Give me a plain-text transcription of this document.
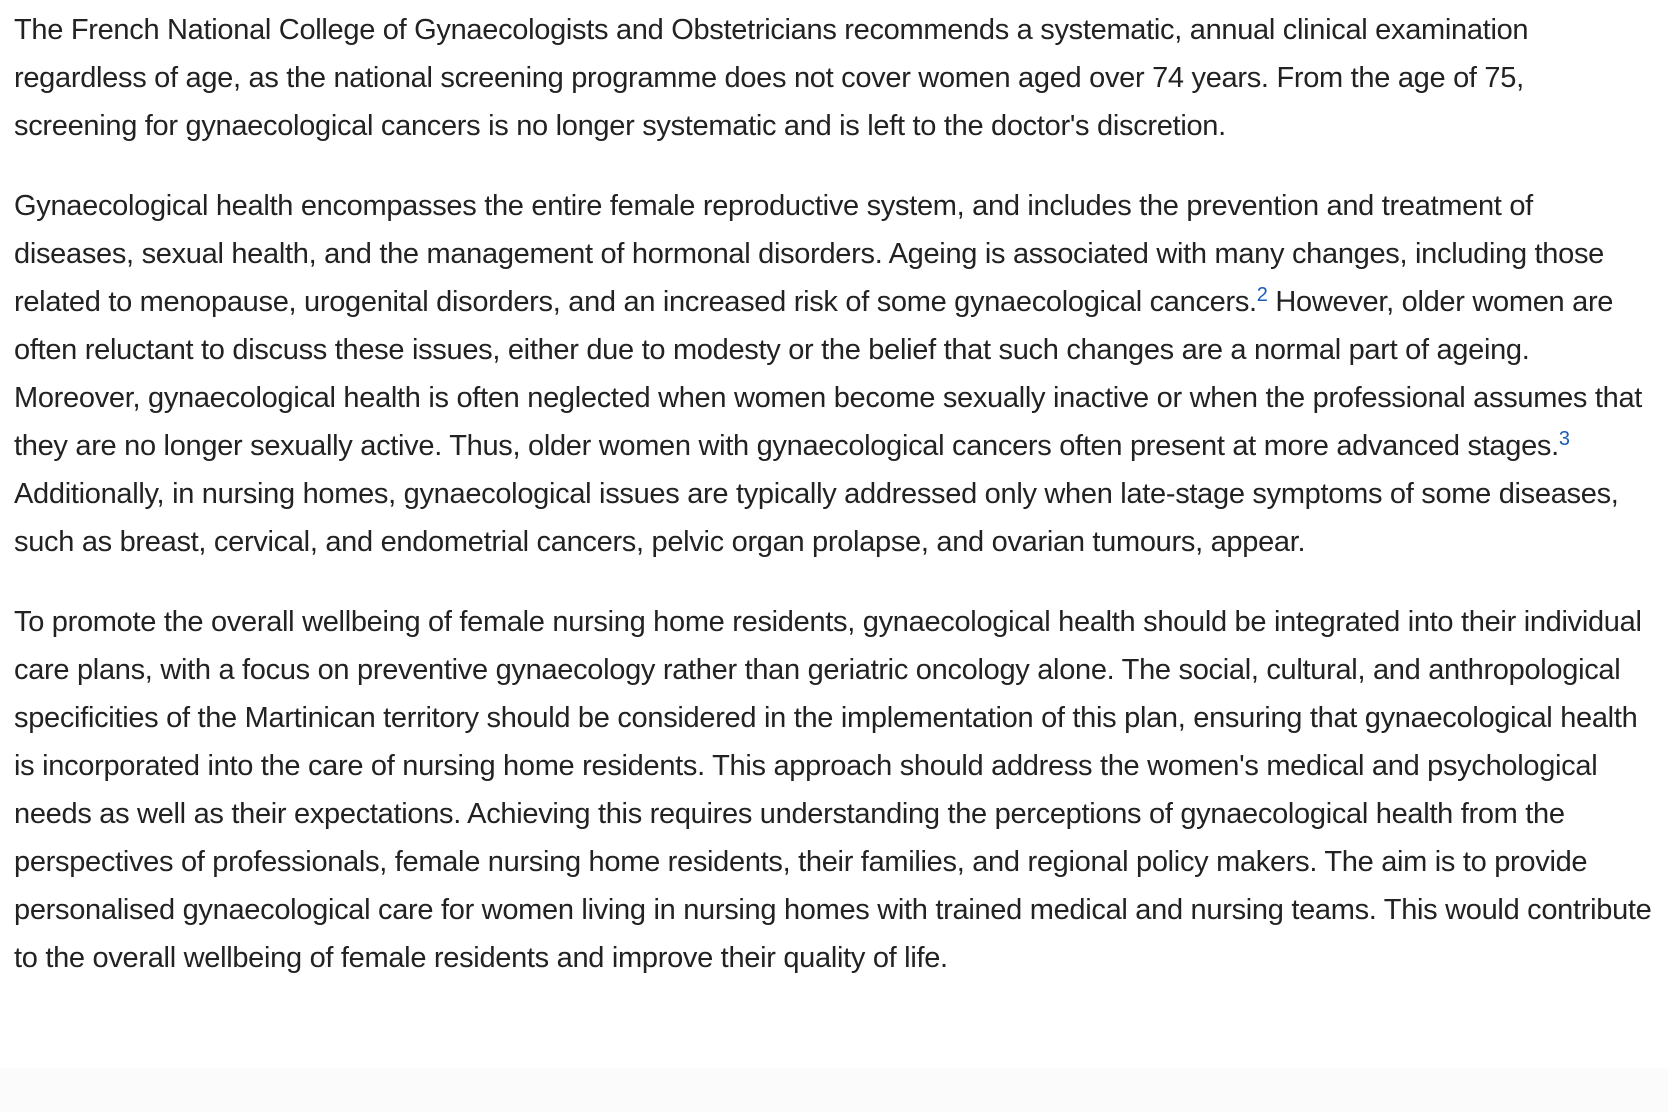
The French National College of Gynaecologists and Obstetricians recommends a systematic, annual clinical examination regardless of age, as the national screening programme does not cover women aged over 74 years. From the age of 75, screening for gynaecological cancers is no longer systematic and is left to the doctor's discretion.

Gynaecological health encompasses the entire female reproductive system, and includes the prevention and treatment of diseases, sexual health, and the management of hormonal disorders. Ageing is associated with many changes, including those related to menopause, urogenital disorders, and an increased risk of some gynaecological cancers.$^2$ However, older women are often reluctant to discuss these issues, either due to modesty or the belief that such changes are a normal part of ageing. Moreover, gynaecological health is often neglected when women become sexually inactive or when the professional assumes that they are no longer sexually active. Thus, older women with gynaecological cancers often present at more advanced stages.$^3$ Additionally, in nursing homes, gynaecological issues are typically addressed only when late-stage symptoms of some diseases, such as breast, cervical, and endometrial cancers, pelvic organ prolapse, and ovarian tumours, appear.

To promote the overall wellbeing of female nursing home residents, gynaecological health should be integrated into their individual care plans, with a focus on preventive gynaecology rather than geriatric oncology alone. The social, cultural, and anthropological specificities of the Martinican territory should be considered in the implementation of this plan, ensuring that gynaecological health is incorporated into the care of nursing home residents. This approach should address the women's medical and psychological needs as well as their expectations. Achieving this requires understanding the perceptions of gynaecological health from the perspectives of professionals, female nursing home residents, their families, and regional policy makers. The aim is to provide personalised gynaecological care for women living in nursing homes with trained medical and nursing teams. This would contribute to the overall wellbeing of female residents and improve their quality of life.
